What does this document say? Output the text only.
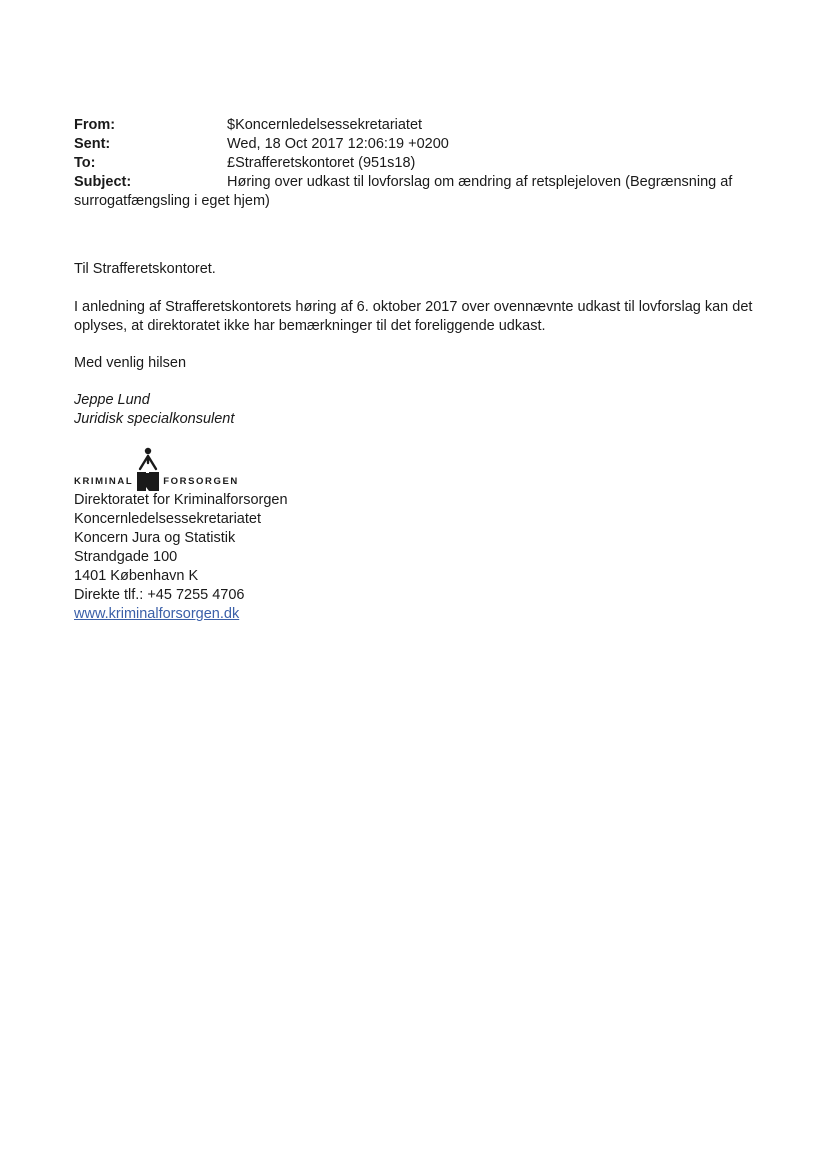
From:	$Koncernledelsessekretariatet
Sent:	Wed, 18 Oct 2017 12:06:19 +0200
To:	£Strafferetskontoret (951s18)
Subject:	Høring over udkast til lovforslag om ændring af retsplejeloven (Begrænsning af
surrogatfængsling i eget hjem)
Til Strafferetskontoret.
I anledning af Strafferetskontorets høring af 6. oktober 2017 over ovennævnte udkast til lovforslag kan det
oplyses, at direktoratet ikke har bemærkninger til det foreliggende udkast.
Med venlig hilsen
Jeppe Lund
Juridisk specialkonsulent
KRIMINAL	FORSORGEN
Direktoratet for Kriminalforsorgen
Koncernledelsessekretariatet
Koncern Jura og Statistik
Strandgade 100
1401 København K
Direkte tlf.: +45 7255 4706
www.kriminalforsorgen.dk
